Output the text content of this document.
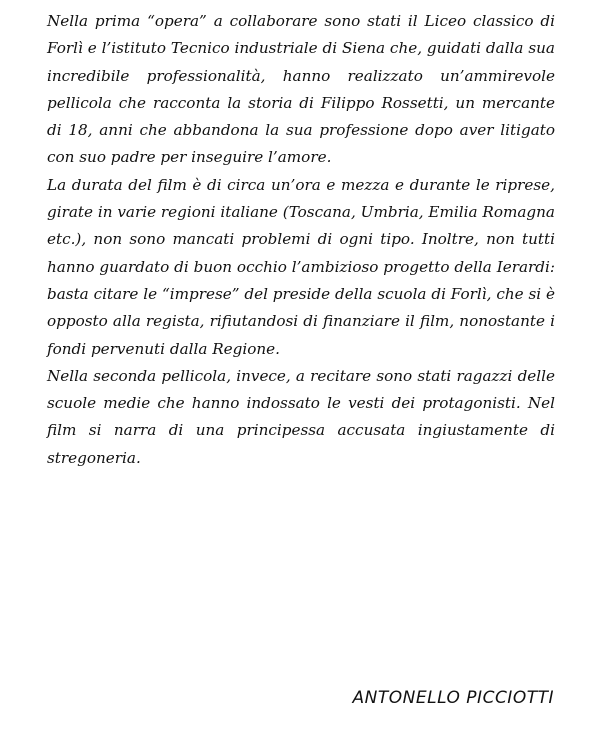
Nella prima “opera” a collaborare sono stati il Liceo classico di Forlì e l’istituto Tecnico industriale di Siena che, guidati dalla sua incredibile professionalità, hanno realizzato un’ammirevole pellicola che racconta la storia di Filippo Rossetti, un mercante di 18, anni che abbandona la sua professione dopo aver litigato con suo padre per inseguire l’amore.

La durata del film è di circa un’ora e mezza e durante le riprese, girate in varie regioni italiane (Toscana, Umbria, Emilia Romagna etc.), non sono mancati problemi di ogni tipo. Inoltre, non tutti hanno guardato di buon occhio l’ambizioso progetto della Ierardi: basta citare le “imprese” del preside della scuola di Forlì, che si è opposto alla regista, rifiutandosi di finanziare il film, nonostante i fondi pervenuti dalla Regione.

Nella seconda pellicola, invece, a recitare sono stati ragazzi delle scuole medie che hanno indossato le vesti dei protagonisti. Nel film si narra di una principessa accusata ingiustamente di stregoneria.

ANTONELLO PICCIOTTI
